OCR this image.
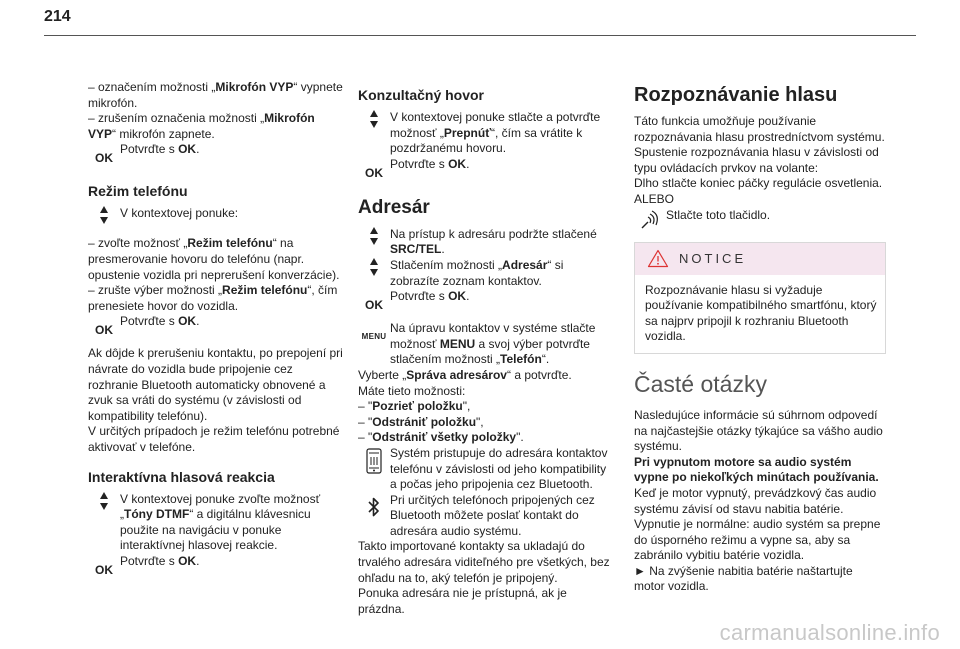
214

– označením možnosti „Mikrofón VYP“ vypnete mikrofón.

– zrušením označenia možnosti „Mikrofón VYP“ mikrofón zapnete.

OK

Potvrďte s OK.

Režim telefónu

V kontextovej ponuke:

– zvoľte možnosť „Režim telefónu“ na presmerovanie hovoru do telefónu (napr. opustenie vozidla pri neprerušení konverzácie).

– zrušte výber možnosti „Režim telefónu“, čím prenesiete hovor do vozidla.

OK

Potvrďte s OK.

Ak dôjde k prerušeniu kontaktu, po prepojení pri návrate do vozidla bude pripojenie cez rozhranie Bluetooth automaticky obnovené a zvuk sa vráti do systému (v závislosti od kompatibility telefónu).

V určitých prípadoch je režim telefónu potrebné aktivovať v telefóne.

Interaktívna hlasová reakcia

V kontextovej ponuke zvoľte možnosť „Tóny DTMF“ a digitálnu klávesnicu použite na navigáciu v ponuke interaktívnej hlasovej reakcie.

OK

Potvrďte s OK.

Konzultačný hovor

V kontextovej ponuke stlačte a potvrďte možnosť „Prepnúť“, čím sa vrátite k pozdržanému hovoru.

OK

Potvrďte s OK.

Adresár

Na prístup k adresáru podržte stlačené SRC/TEL.

Stlačením možnosti „Adresár“ si zobrazíte zoznam kontaktov.

OK

Potvrďte s OK.

MENU

Na úpravu kontaktov v systéme stlačte možnosť MENU a svoj výber potvrďte stlačením možnosti „Telefón“.

Vyberte „Správa adresárov“ a potvrďte.

Máte tieto možnosti:

– "Pozrieť položku",

– "Odstrániť položku",

– "Odstrániť všetky položky".

Systém pristupuje do adresára kontaktov telefónu v závislosti od jeho kompatibility a počas jeho pripojenia cez Bluetooth.

Pri určitých telefónoch pripojených cez Bluetooth môžete poslať kontakt do adresára audio systému.

Takto importované kontakty sa ukladajú do trvalého adresára viditeľného pre všetkých, bez ohľadu na to, aký telefón je pripojený.

Ponuka adresára nie je prístupná, ak je prázdna.

Rozpoznávanie hlasu

Táto funkcia umožňuje používanie rozpoznávania hlasu prostredníctvom systému.

Spustenie rozpoznávania hlasu v závislosti od typu ovládacích prvkov na volante:

Dlho stlačte koniec páčky regulácie osvetlenia.

ALEBO

Stlačte toto tlačidlo.

NOTICE

Rozpoznávanie hlasu si vyžaduje používanie kompatibilného smartfónu, ktorý sa najprv pripojil k rozhraniu Bluetooth vozidla.

Časté otázky

Nasledujúce informácie sú súhrnom odpovedí na najčastejšie otázky týkajúce sa vášho audio systému.

Pri vypnutom motore sa audio systém vypne po niekoľkých minútach používania.

Keď je motor vypnutý, prevádzkový čas audio systému závisí od stavu nabitia batérie.

Vypnutie je normálne: audio systém sa prepne do úsporného režimu a vypne sa, aby sa zabránilo vybitiu batérie vozidla.

► Na zvýšenie nabitia batérie naštartujte motor vozidla.

carmanualsonline.info
